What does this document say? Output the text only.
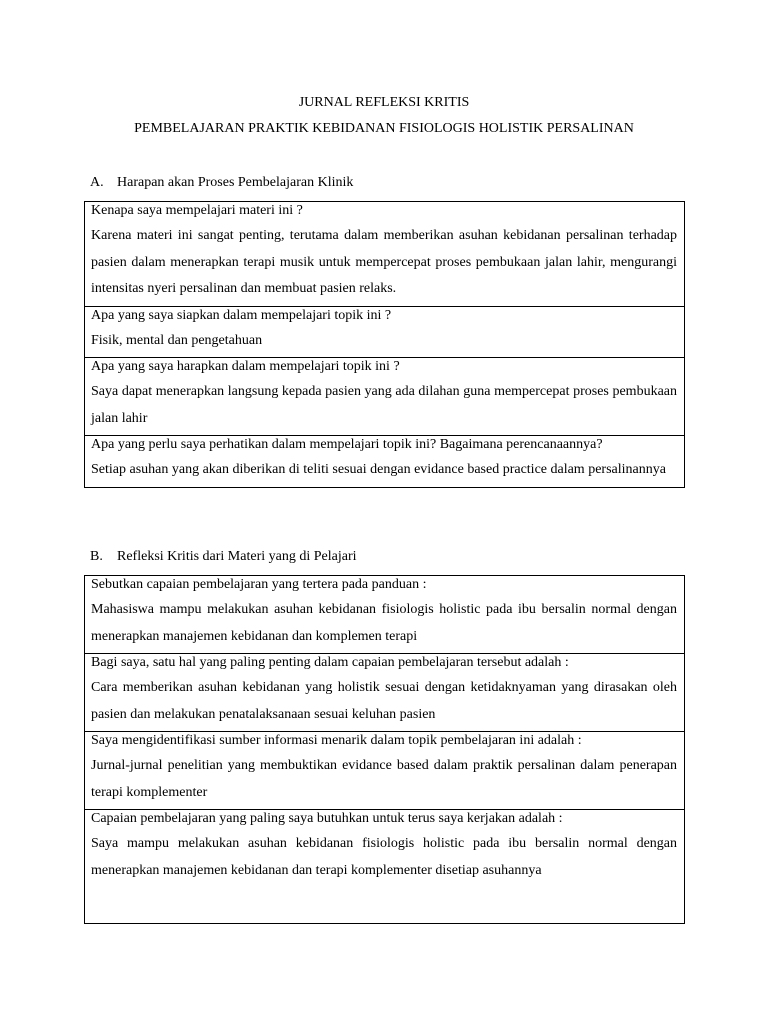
JURNAL REFLEKSI KRITIS
PEMBELAJARAN PRAKTIK KEBIDANAN FISIOLOGIS HOLISTIK PERSALINAN
A. Harapan akan Proses Pembelajaran Klinik
Kenapa saya mempelajari materi ini ?
Karena materi ini sangat penting, terutama dalam memberikan asuhan kebidanan persalinan terhadap pasien dalam menerapkan terapi musik untuk mempercepat proses pembukaan jalan lahir, mengurangi intensitas nyeri persalinan dan membuat pasien relaks.
Apa yang saya siapkan dalam mempelajari topik ini ?
Fisik, mental dan pengetahuan
Apa yang saya harapkan dalam mempelajari topik ini ?
Saya dapat menerapkan langsung kepada pasien yang ada dilahan guna mempercepat proses pembukaan jalan lahir
Apa yang perlu saya perhatikan dalam mempelajari topik ini? Bagaimana perencanaannya?
Setiap asuhan yang akan diberikan di teliti sesuai dengan evidance based practice dalam persalinannya
B. Refleksi Kritis dari Materi yang di Pelajari
Sebutkan capaian pembelajaran yang tertera pada panduan :
Mahasiswa mampu melakukan asuhan kebidanan fisiologis holistic pada ibu bersalin normal dengan menerapkan manajemen kebidanan dan komplemen terapi
Bagi saya, satu hal yang paling penting dalam capaian pembelajaran tersebut adalah :
Cara memberikan asuhan kebidanan yang holistik sesuai dengan ketidaknyaman yang dirasakan oleh pasien dan melakukan penatalaksanaan sesuai keluhan pasien
Saya mengidentifikasi sumber informasi menarik dalam topik pembelajaran ini adalah :
Jurnal-jurnal penelitian yang membuktikan evidance based dalam praktik persalinan dalam penerapan terapi komplementer
Capaian pembelajaran yang paling saya butuhkan untuk terus saya kerjakan adalah :
Saya mampu melakukan asuhan kebidanan fisiologis holistic pada ibu bersalin normal dengan menerapkan manajemen kebidanan dan terapi komplementer disetiap asuhannya
